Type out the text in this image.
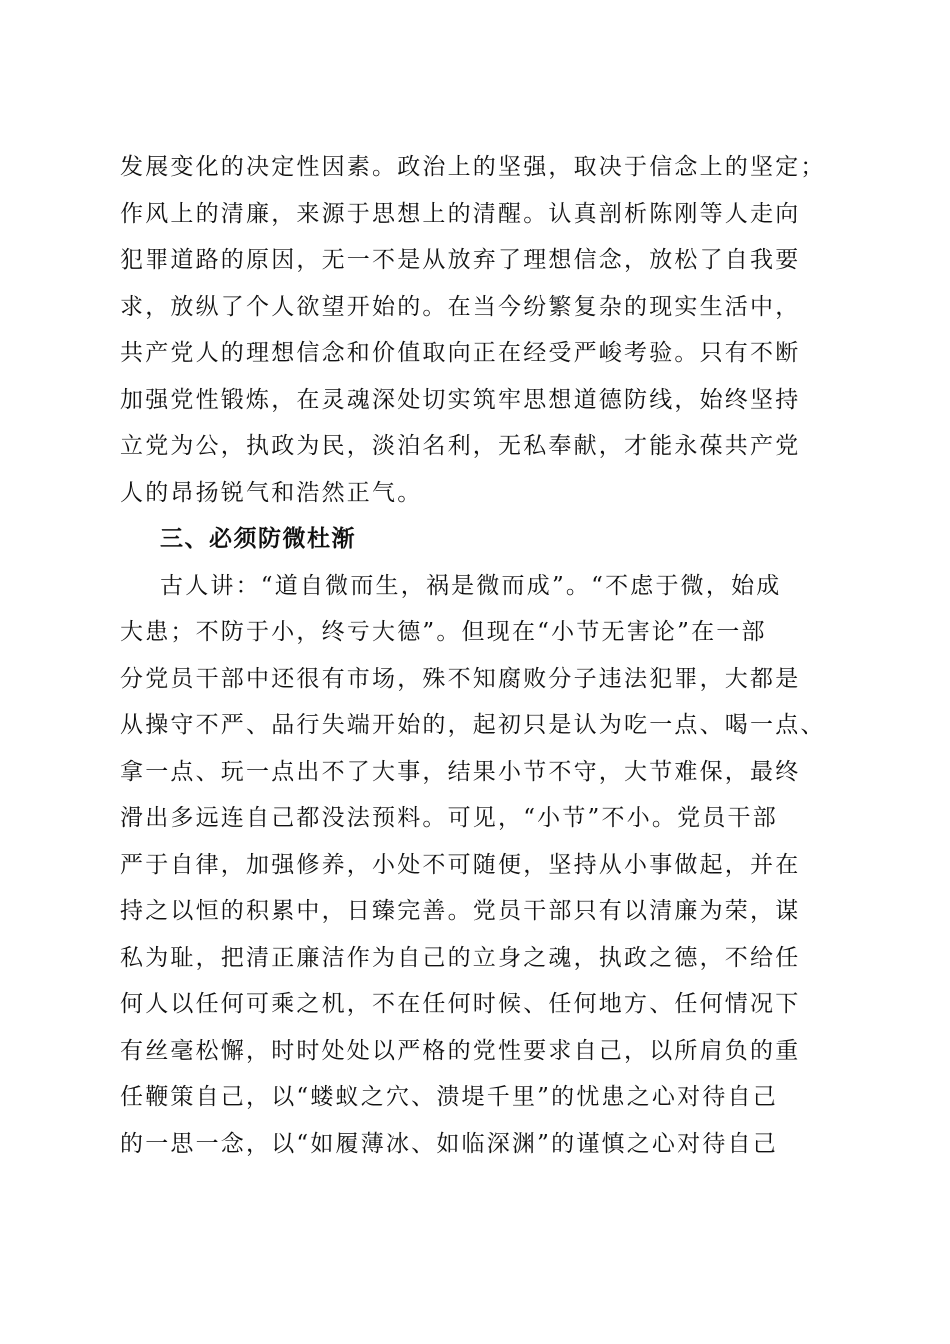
发展变化的决定性因素。政治上的坚强，取决于信念上的坚定；
作风上的清廉，来源于思想上的清醒。认真剖析陈刚等人走向
犯罪道路的原因，无一不是从放弃了理想信念，放松了自我要
求，放纵了个人欲望开始的。在当今纷繁复杂的现实生活中，
共产党人的理想信念和价值取向正在经受严峻考验。只有不断
加强党性锻炼，在灵魂深处切实筑牢思想道德防线，始终坚持
立党为公，执政为民，淡泊名利，无私奉献，才能永葆共产党
人的昂扬锐气和浩然正气。
三、必须防微杜渐
古人讲：“道自微而生，祸是微而成”。“不虑于微，始成
大患；不防于小，终亏大德”。但现在“小节无害论”在一部
分党员干部中还很有市场，殊不知腐败分子违法犯罪，大都是
从操守不严、品行失端开始的，起初只是认为吃一点、喝一点、
拿一点、玩一点出不了大事，结果小节不守，大节难保，最终
滑出多远连自己都没法预料。可见，“小节”不小。党员干部
严于自律，加强修养，小处不可随便，坚持从小事做起，并在
持之以恒的积累中，日臻完善。党员干部只有以清廉为荣，谋
私为耻，把清正廉洁作为自己的立身之魂，执政之德，不给任
何人以任何可乘之机，不在任何时候、任何地方、任何情况下
有丝毫松懈，时时处处以严格的党性要求自己，以所肩负的重
任鞭策自己，以“蝼蚁之穴、溃堤千里”的忧患之心对待自己
的一思一念，以“如履薄冰、如临深渊”的谨慎之心对待自己
